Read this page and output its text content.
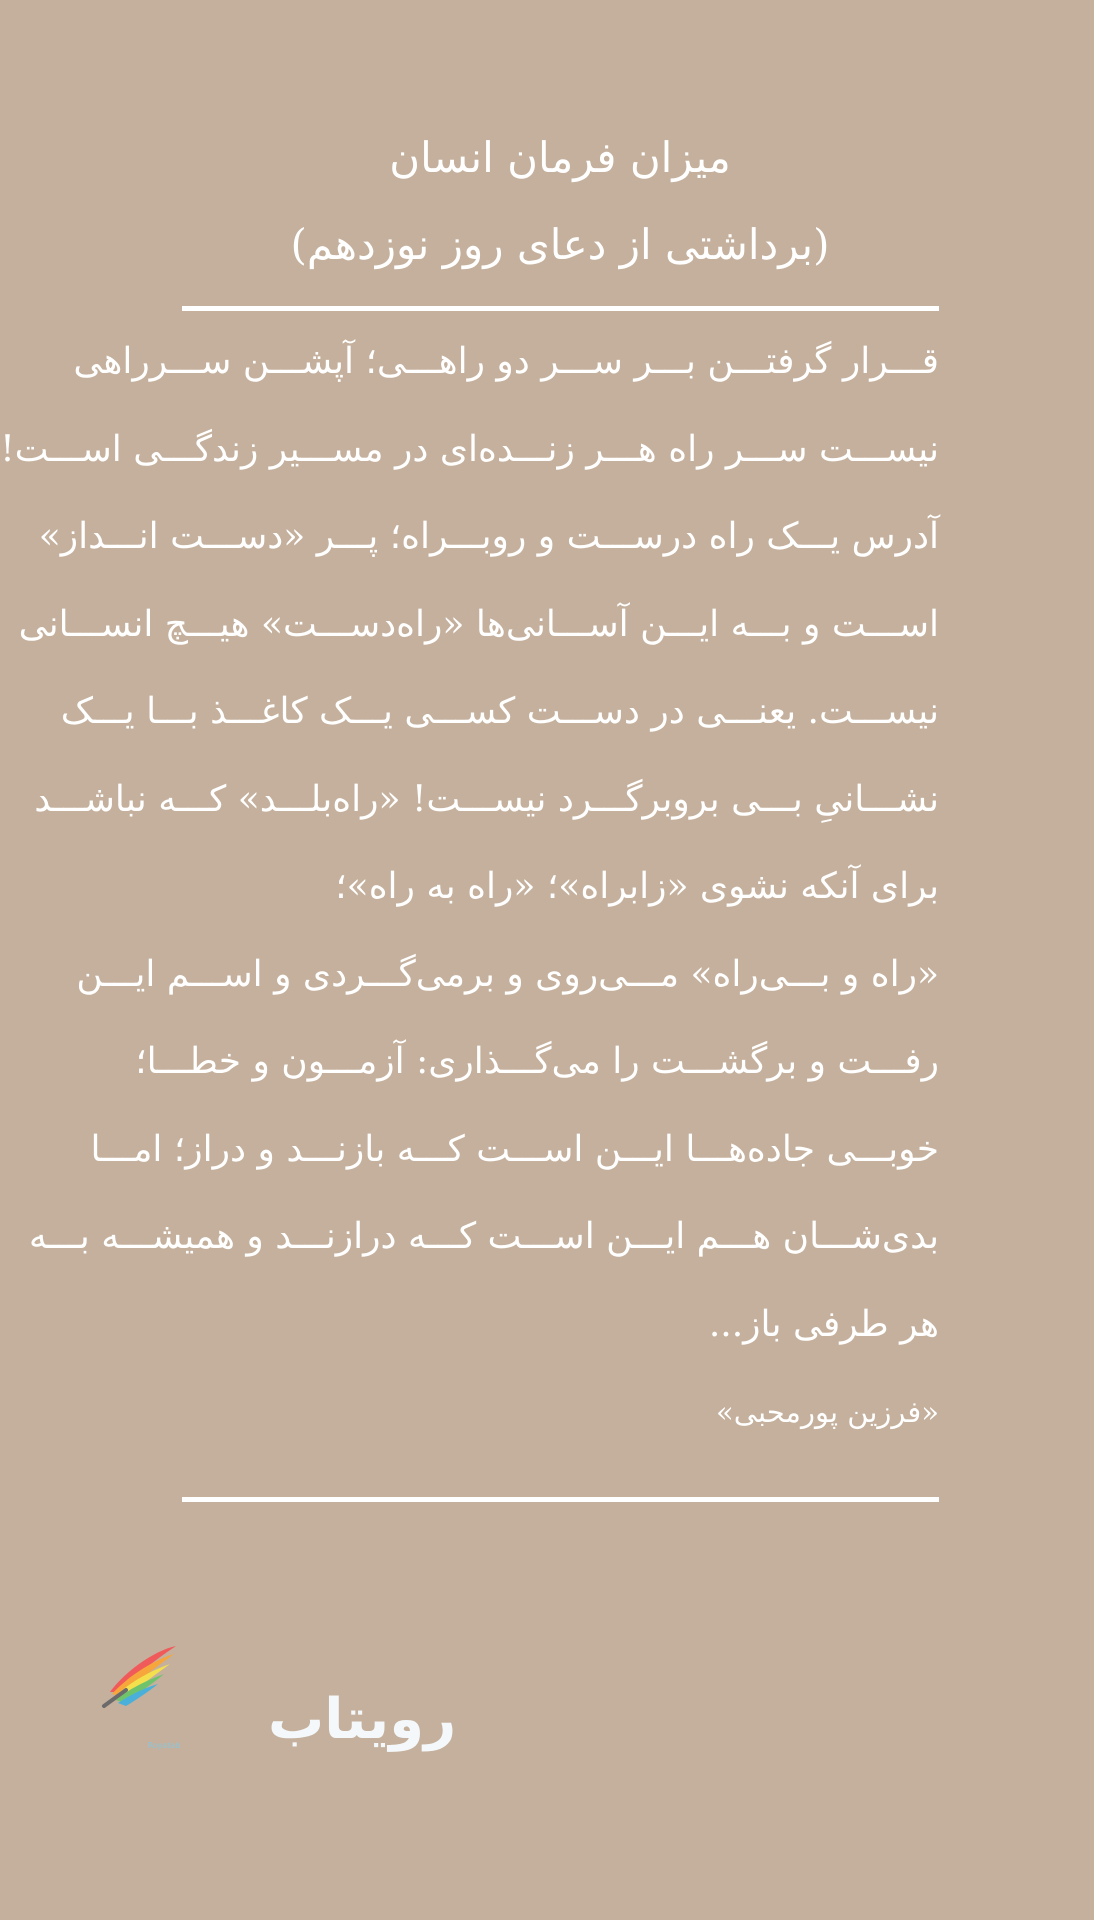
میزان فرمان انسان
(برداشتی از دعای روز نوزدهم)
قـــرار گرفتـــن بـــر ســـر دو راهـــی؛ آپشـــن ســـرراهی
نیســـت ســـر راه هـــر زنـــده‌ای در مســـیر زندگـــی اســـت!
آدرس یـــک راه درســـت و روبـــراه؛ پـــر «دســـت انـــداز»
اســـت و بـــه ایـــن آســـانی‌ها «راه‌دســـت» هیـــچ انســـانی
نیســـت. یعنـــی در دســـت کســـی یـــک کاغـــذ بـــا یـــک
نشـــانیِ بـــی بروبرگـــرد نیســـت! «راه‌بلـــد» کـــه نباشـــد
برای آنکه نشوی «زابراه»؛ «راه به راه»؛
«راه و بـــی‌راه» مـــی‌روی و برمی‌گـــردی و اســـم ایـــن
رفـــت و برگشـــت را می‌گـــذاری: آزمـــون و خطـــا؛
خوبـــی جاده‌هـــا ایـــن اســـت کـــه بازنـــد و دراز؛ امـــا
بدی‌شـــان هـــم ایـــن اســـت کـــه درازنـــد و همیشـــه بـــه
هر طرفی باز...
«فرزین پورمحبی»
رویتاب
Royatab
